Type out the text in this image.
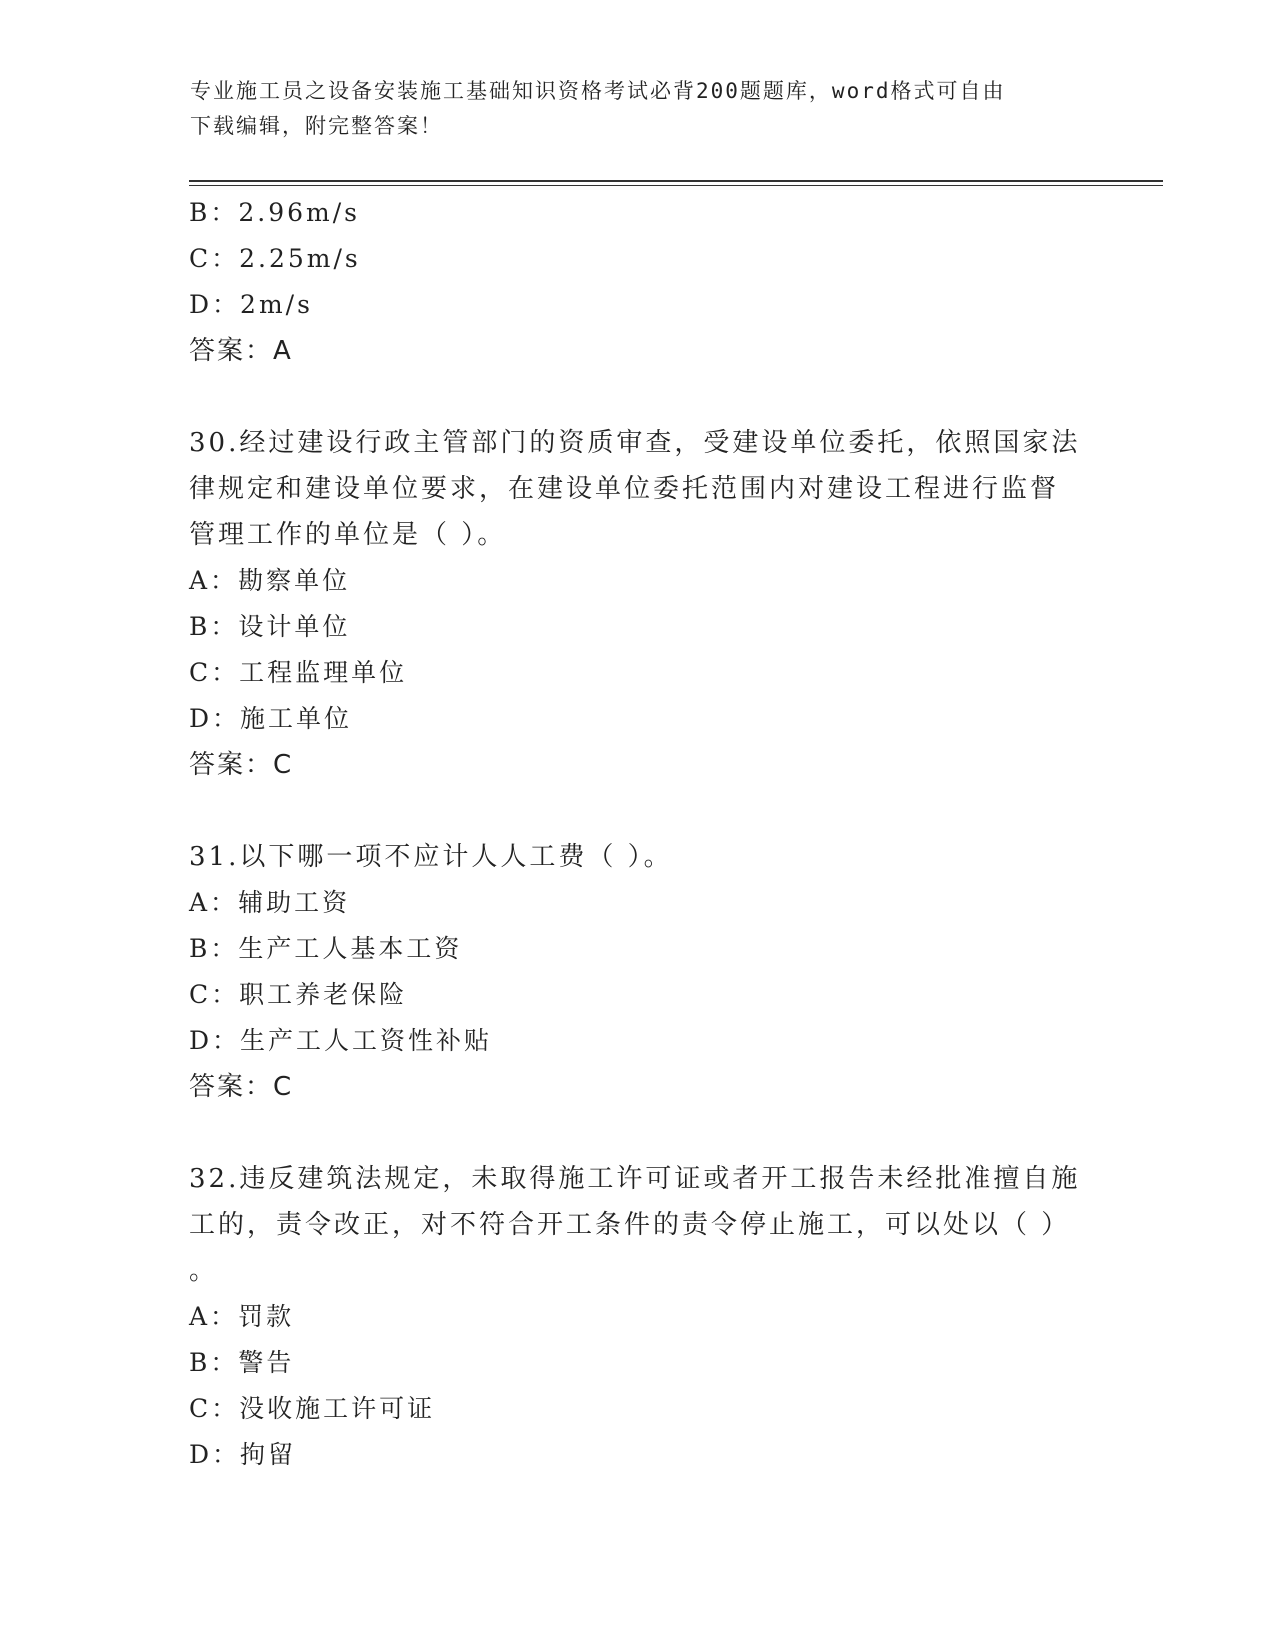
专业施工员之设备安装施工基础知识资格考试必背200题题库，word格式可自由
下载编辑，附完整答案！
B：2.96m/s
C：2.25m/s
D：2m/s
答案：A
30.经过建设行政主管部门的资质审查，受建设单位委托，依照国家法
律规定和建设单位要求，在建设单位委托范围内对建设工程进行监督
管理工作的单位是（ ）。
A：勘察单位
B：设计单位
C：工程监理单位
D：施工单位
答案：C
31.以下哪一项不应计人人工费（ ）。
A：辅助工资
B：生产工人基本工资
C：职工养老保险
D：生产工人工资性补贴
答案：C
32.违反建筑法规定，未取得施工许可证或者开工报告未经批准擅自施
工的，责令改正，对不符合开工条件的责令停止施工，可以处以（ ）
。
A：罚款
B：警告
C：没收施工许可证
D：拘留
